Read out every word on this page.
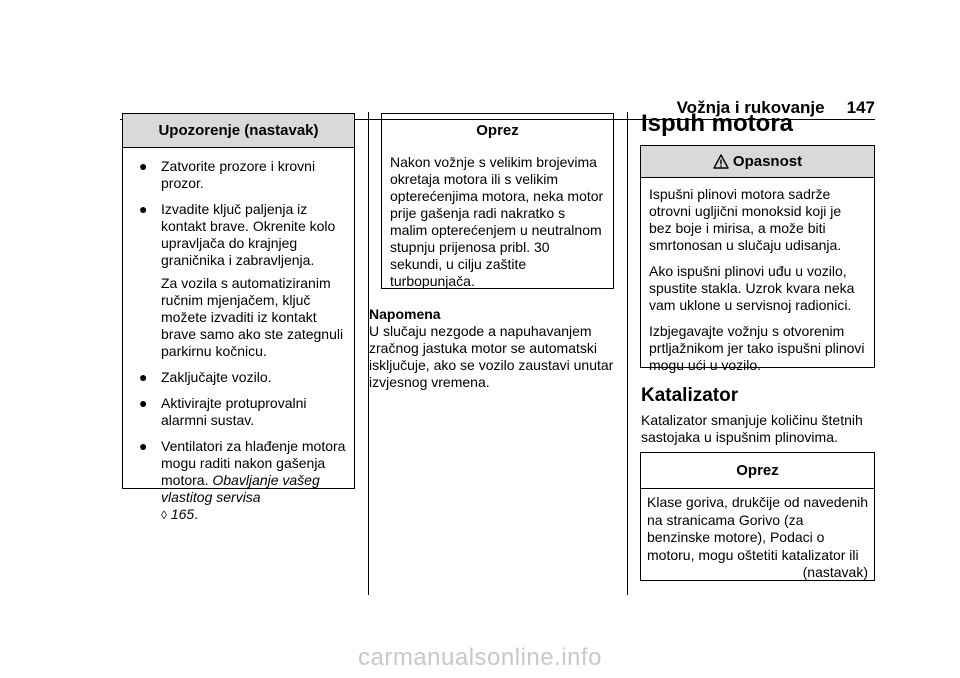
Vožnja i rukovanje 147
Upozorenje (nastavak)
● Zatvorite prozore i krovni prozor.
● Izvadite ključ paljenja iz kontakt brave. Okrenite kolo upravljača do krajnjeg graničnika i zabravljenja.
Za vozila s automatiziranim ručnim mjenjačem, ključ možete izvaditi iz kontakt brave samo ako ste zategnuli parkirnu kočnicu.
● Zaključajte vozilo.
● Aktivirajte protuprovalni alarmni sustav.
● Ventilatori za hlađenje motora mogu raditi nakon gašenja motora. Obavljanje vašeg vlastitog servisa
◊ 165.
Oprez
Nakon vožnje s velikim brojevima okretaja motora ili s velikim opterećenjima motora, neka motor prije gašenja radi nakratko s malim opterećenjem u neutralnom stupnju prijenosa pribl. 30 sekundi, u cilju zaštite turbopunjača.
Napomena
U slučaju nezgode a napuhavanjem zračnog jastuka motor se automatski isključuje, ako se vozilo zaustavi unutar izvjesnog vremena.
Ispuh motora
Opasnost

Ispušni plinovi motora sadrže otrovni ugljični monoksid koji je bez boje i mirisa, a može biti smrtonosan u slučaju udisanja.

Ako ispušni plinovi uđu u vozilo, spustite stakla. Uzrok kvara neka vam uklone u servisnoj radionici.

Izbjegavajte vožnju s otvorenim prtljažnikom jer tako ispušni plinovi mogu ući u vozilo.

Katalizator
Katalizator smanjuje količinu štetnih sastojaka u ispušnim plinovima.
Oprez
Klase goriva, drukčije od navedenih na stranicama Gorivo (za benzinske motore), Podaci o motoru, mogu oštetiti katalizator ili
(nastavak)
carmanualsonline.info
